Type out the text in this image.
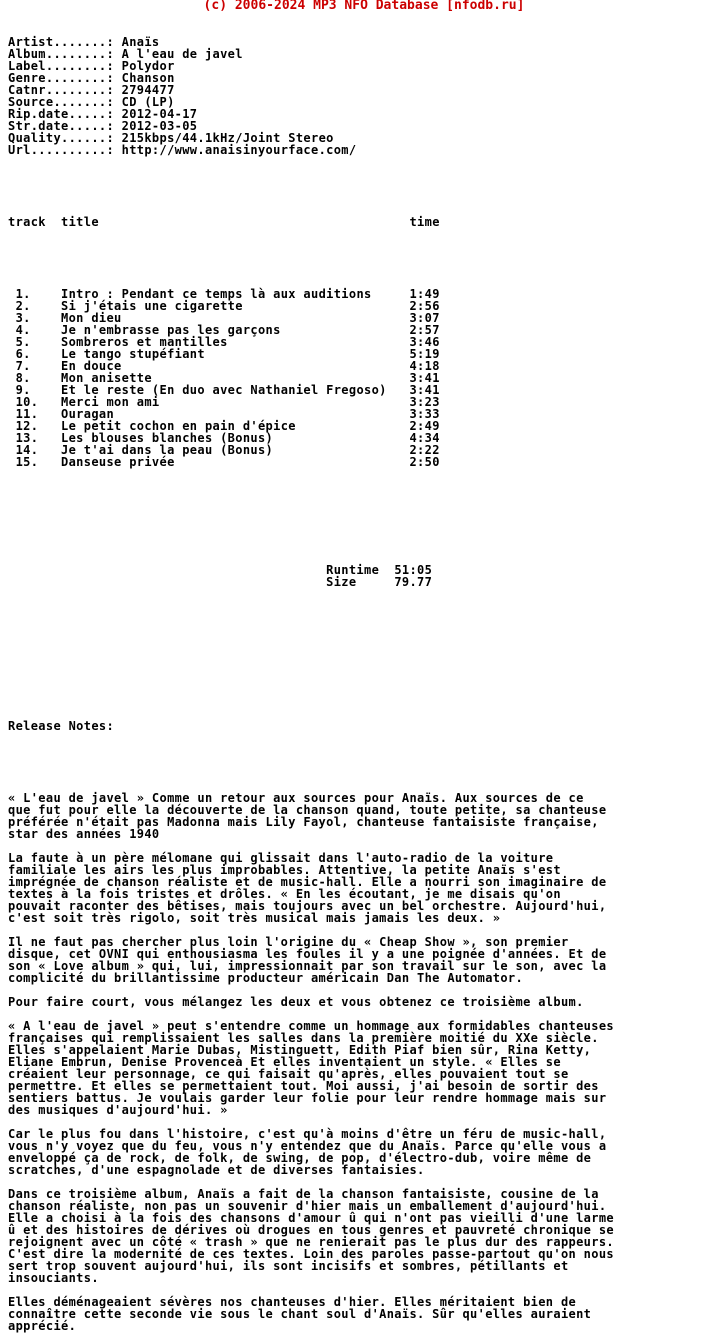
(c) 2006-2024 MP3 NFO Database [nfodb.ru]

Artist.......: Anaïs
Album........: A l'eau de javel
Label........: Polydor
Genre........: Chanson
Catnr........: 2794477
Source.......: CD (LP)
Rip.date.....: 2012-04-17
Str.date.....: 2012-03-05
Quality......: 215kbps/44.1kHz/Joint Stereo
Url..........: http://www.anaisinyourface.com/

track title                                         time

1.    Intro : Pendant ce temps là aux auditions     1:49
2.    Si j'étais une cigarette                      2:56
3.    Mon dieu                                      3:07
4.    Je n'embrasse pas les garçons                 2:57
5.    Sombreros et mantilles                        3:46
6.    Le tango stupéfiant                           5:19
7.    En douce                                      4:18
8.    Mon anisette                                  3:41
9.    Et le reste (En duo avec Nathaniel Fregoso)   3:41
10.   Merci mon ami                                 3:23
11.   Ouragan                                       3:33
12.   Le petit cochon en pain d'épice               2:49
13.   Les blouses blanches (Bonus)                  4:34
14.   Je t'ai dans la peau (Bonus)                  2:22
15.   Danseuse privée                               2:50

Runtime  51:05
Size     79.77

Release Notes:

« L'eau de javel » Comme un retour aux sources pour Anaïs. Aux sources de ce
que fut pour elle la découverte de la chanson quand, toute petite, sa chanteuse
préférée n'était pas Madonna mais Lily Fayol, chanteuse fantaisiste française,
star des années 1940
La faute à un père mélomane qui glissait dans l'auto-radio de la voiture
familiale les airs les plus improbables. Attentive, la petite Anaïs s'est
imprégnée de chanson réaliste et de music-hall. Elle a nourri son imaginaire de
textes à la fois tristes et drôles. « En les écoutant, je me disais qu'on
pouvait raconter des bêtises, mais toujours avec un bel orchestre. Aujourd'hui,
c'est soit très rigolo, soit très musical mais jamais les deux. »
Il ne faut pas chercher plus loin l'origine du « Cheap Show », son premier
disque, cet OVNI qui enthousiasma les foules il y a une poignée d'années. Et de
son « Love album » qui, lui, impressionnait par son travail sur le son, avec la
complicité du brillantissime producteur américain Dan The Automator.
Pour faire court, vous mélangez les deux et vous obtenez ce troisième album.
« A l'eau de javel » peut s'entendre comme un hommage aux formidables chanteuses
françaises qui remplissaient les salles dans la première moitié du XXe siècle.
Elles s'appelaient Marie Dubas, Mistinguett, Edith Piaf bien sûr, Rina Ketty,
Eliane Embrun, Denise Provenceà Et elles inventaient un style. « Elles se
créaient leur personnage, ce qui faisait qu'après, elles pouvaient tout se
permettre. Et elles se permettaient tout. Moi aussi, j'ai besoin de sortir des
sentiers battus. Je voulais garder leur folie pour leur rendre hommage mais sur
des musiques d'aujourd'hui. »
Car le plus fou dans l'histoire, c'est qu'à moins d'être un féru de music-hall,
vous n'y voyez que du feu, vous n'y entendez que du Anaïs. Parce qu'elle vous a
enveloppé ça de rock, de folk, de swing, de pop, d'électro-dub, voire même de
scratches, d'une espagnolade et de diverses fantaisies.
Dans ce troisième album, Anaïs a fait de la chanson fantaisiste, cousine de la
chanson réaliste, non pas un souvenir d'hier mais un emballement d'aujourd'hui.
Elle a choisi à la fois des chansons d'amour û qui n'ont pas vieilli d'une larme
û et des histoires de dérives où drogues en tous genres et pauvreté chronique se
rejoignent avec un côté « trash » que ne renierait pas le plus dur des rappeurs.
C'est dire la modernité de ces textes. Loin des paroles passe-partout qu'on nous
sert trop souvent aujourd'hui, ils sont incisifs et sombres, pétillants et
insouciants.
Elles déménageaient sévères nos chanteuses d'hier. Elles méritaient bien de
connaître cette seconde vie sous le chant soul d'Anaïs. Sûr qu'elles auraient
apprécié.
